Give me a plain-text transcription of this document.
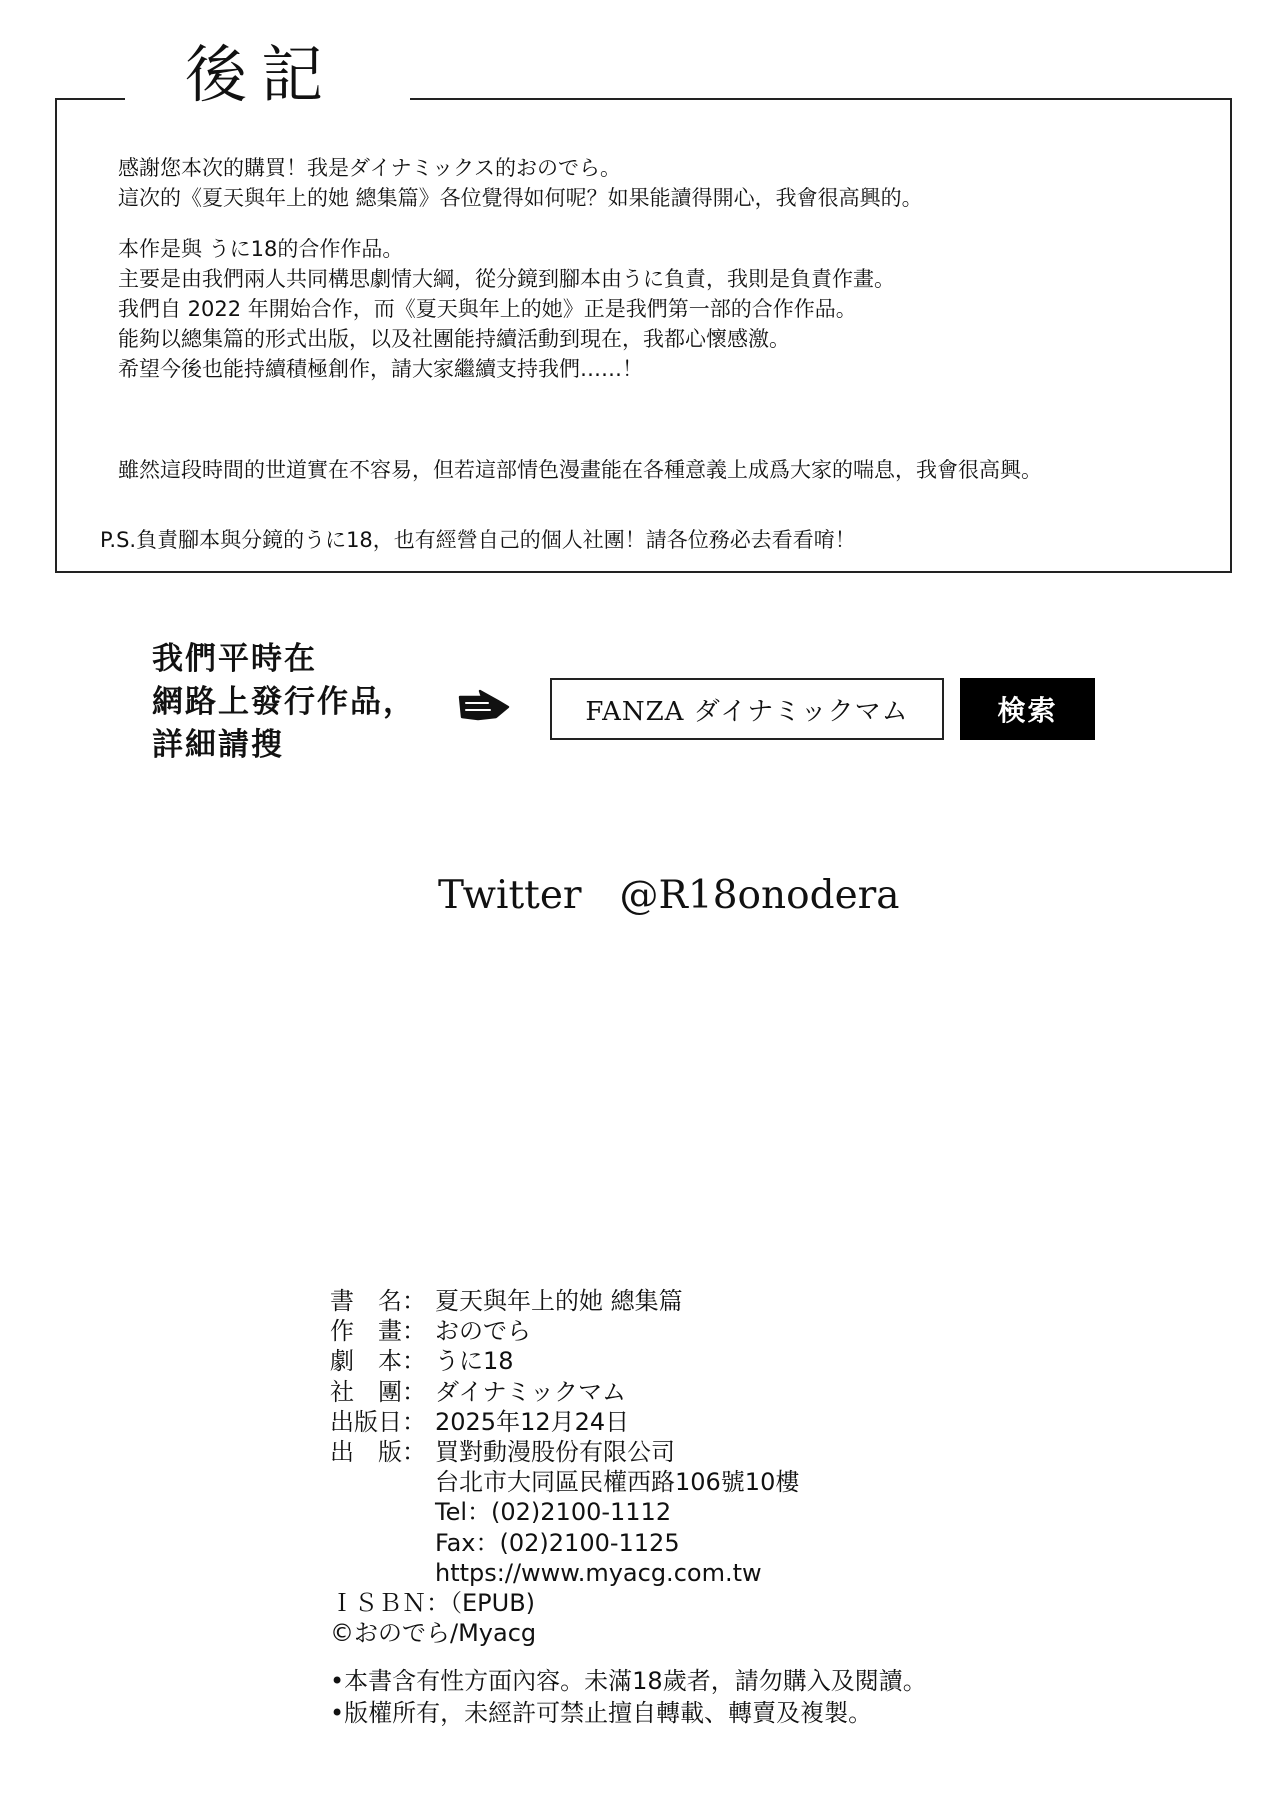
後記
感謝您本次的購買！我是ダイナミックス的おのでら。
這次的《夏天與年上的她 總集篇》各位覺得如何呢？如果能讀得開心，我會很高興的。
本作是與 うに18的合作作品。
主要是由我們兩人共同構思劇情大綱，從分鏡到腳本由うに負責，我則是負責作畫。
我們自 2022 年開始合作，而《夏天與年上的她》正是我們第一部的合作作品。
能夠以總集篇的形式出版，以及社團能持續活動到現在，我都心懷感激。
希望今後也能持續積極創作，請大家繼續支持我們……！
雖然這段時間的世道實在不容易，但若這部情色漫畫能在各種意義上成爲大家的喘息，我會很高興。
P.S.負責腳本與分鏡的うに18，也有經營自己的個人社團！請各位務必去看看唷！
我們平時在
網路上發行作品，
詳細請搜
FANZA ダイナミックマム	検索
Twitter @R18onodera
書　名： 夏天與年上的她 總集篇
作　畫： おのでら
劇　本： うに18
社　團： ダイナミックマム
出版日： 2025年12月24日
出　版： 買對動漫股份有限公司
台北市大同區民權西路106號10樓
Tel：(02)2100-1112
Fax：(02)2100-1125
https://www.myacg.com.tw
ＩＳＢＮ：（EPUB)
©おのでら/Myacg
•本書含有性方面內容。未滿18歲者，請勿購入及閱讀。
•版權所有，未經許可禁止擅自轉載、轉賣及複製。
